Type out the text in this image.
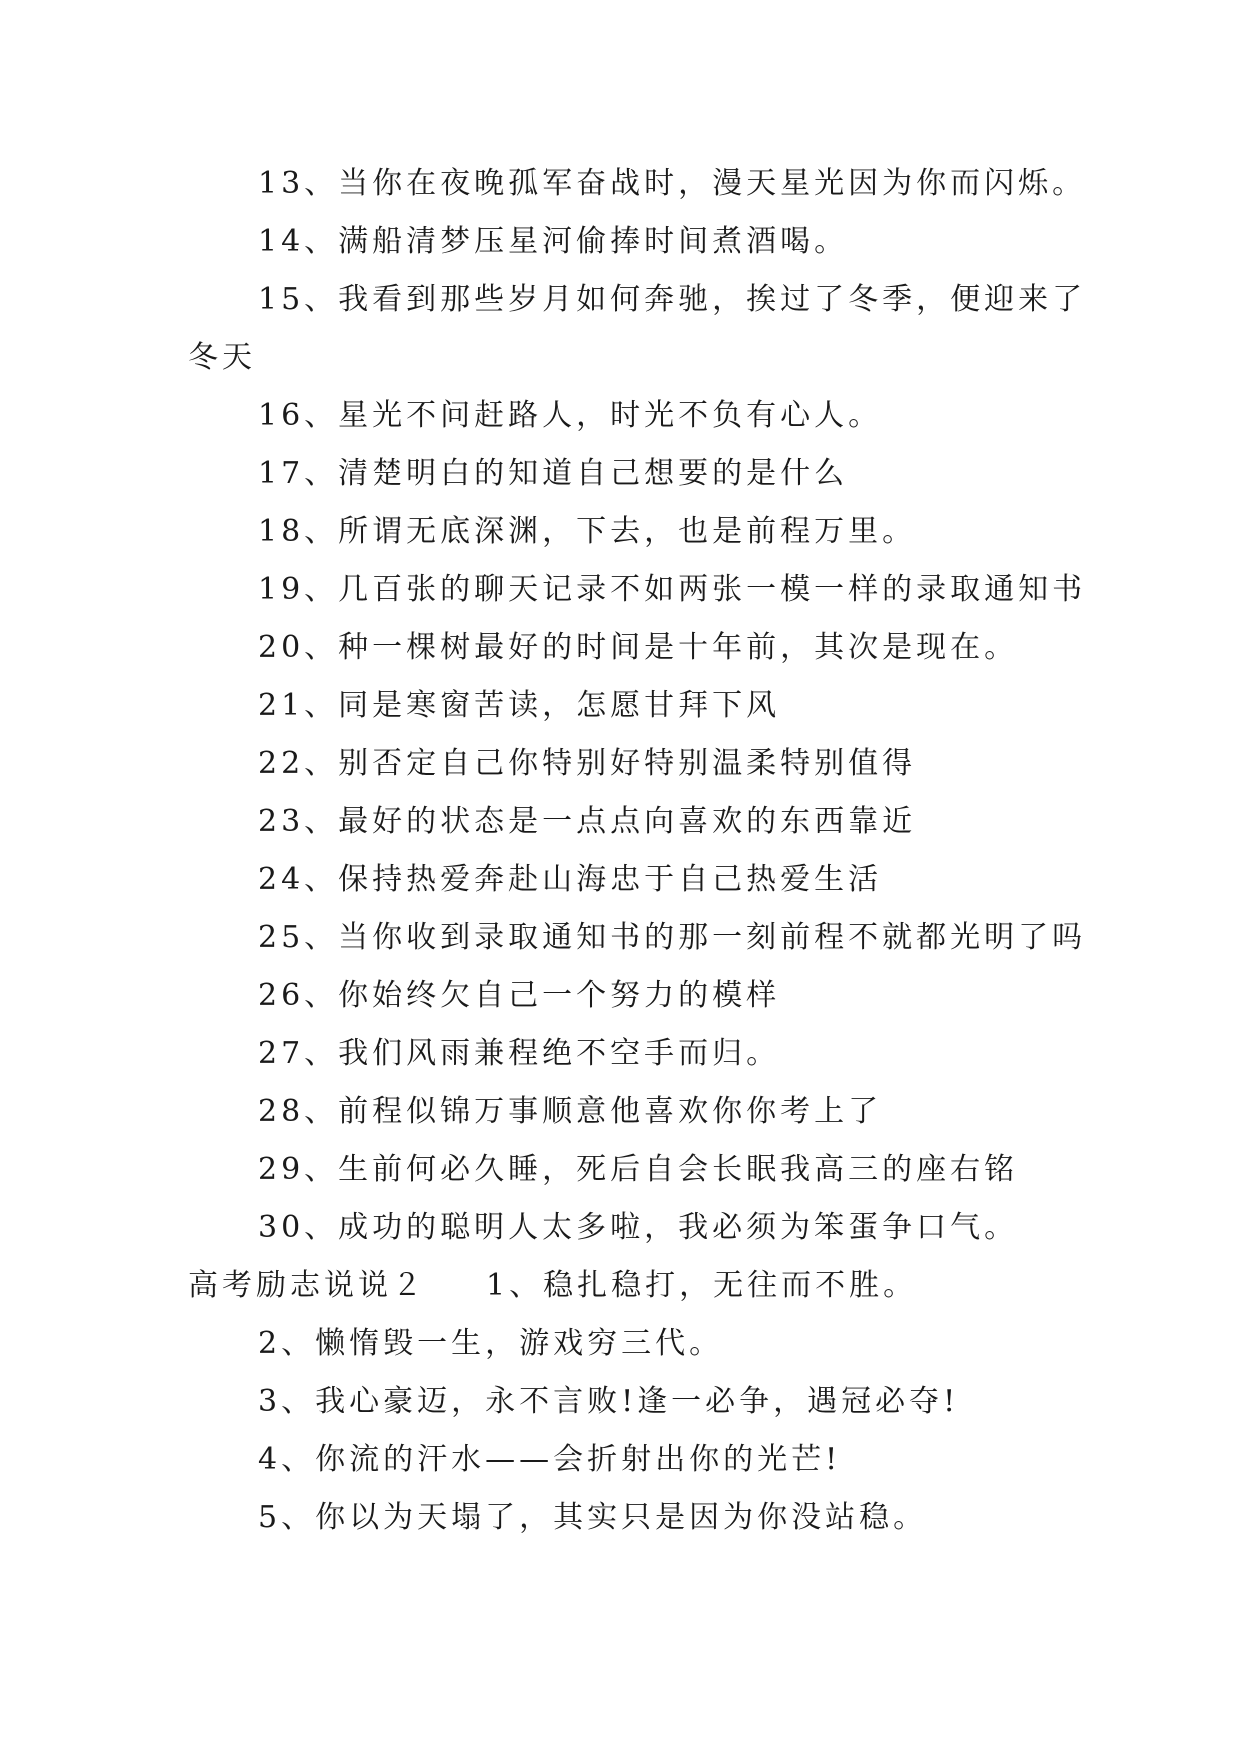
13、当你在夜晚孤军奋战时，漫天星光因为你而闪烁。
14、满船清梦压星河偷捧时间煮酒喝。
15、我看到那些岁月如何奔驰，挨过了冬季，便迎来了
冬天
16、星光不问赶路人，时光不负有心人。
17、清楚明白的知道自己想要的是什么
18、所谓无底深渊，下去，也是前程万里。
19、几百张的聊天记录不如两张一模一样的录取通知书
20、种一棵树最好的时间是十年前，其次是现在。
21、同是寒窗苦读，怎愿甘拜下风
22、别否定自己你特别好特别温柔特别值得
23、最好的状态是一点点向喜欢的东西靠近
24、保持热爱奔赴山海忠于自己热爱生活
25、当你收到录取通知书的那一刻前程不就都光明了吗
26、你始终欠自己一个努力的模样
27、我们风雨兼程绝不空手而归。
28、前程似锦万事顺意他喜欢你你考上了
29、生前何必久睡，死后自会长眠我高三的座右铭
30、成功的聪明人太多啦，我必须为笨蛋争口气。
高考励志说说２ 1、稳扎稳打，无往而不胜。
2、懒惰毁一生，游戏穷三代。
3、我心豪迈，永不言败!逢一必争，遇冠必夺!
4、你流的汗水——会折射出你的光芒!
5、你以为天塌了，其实只是因为你没站稳。
